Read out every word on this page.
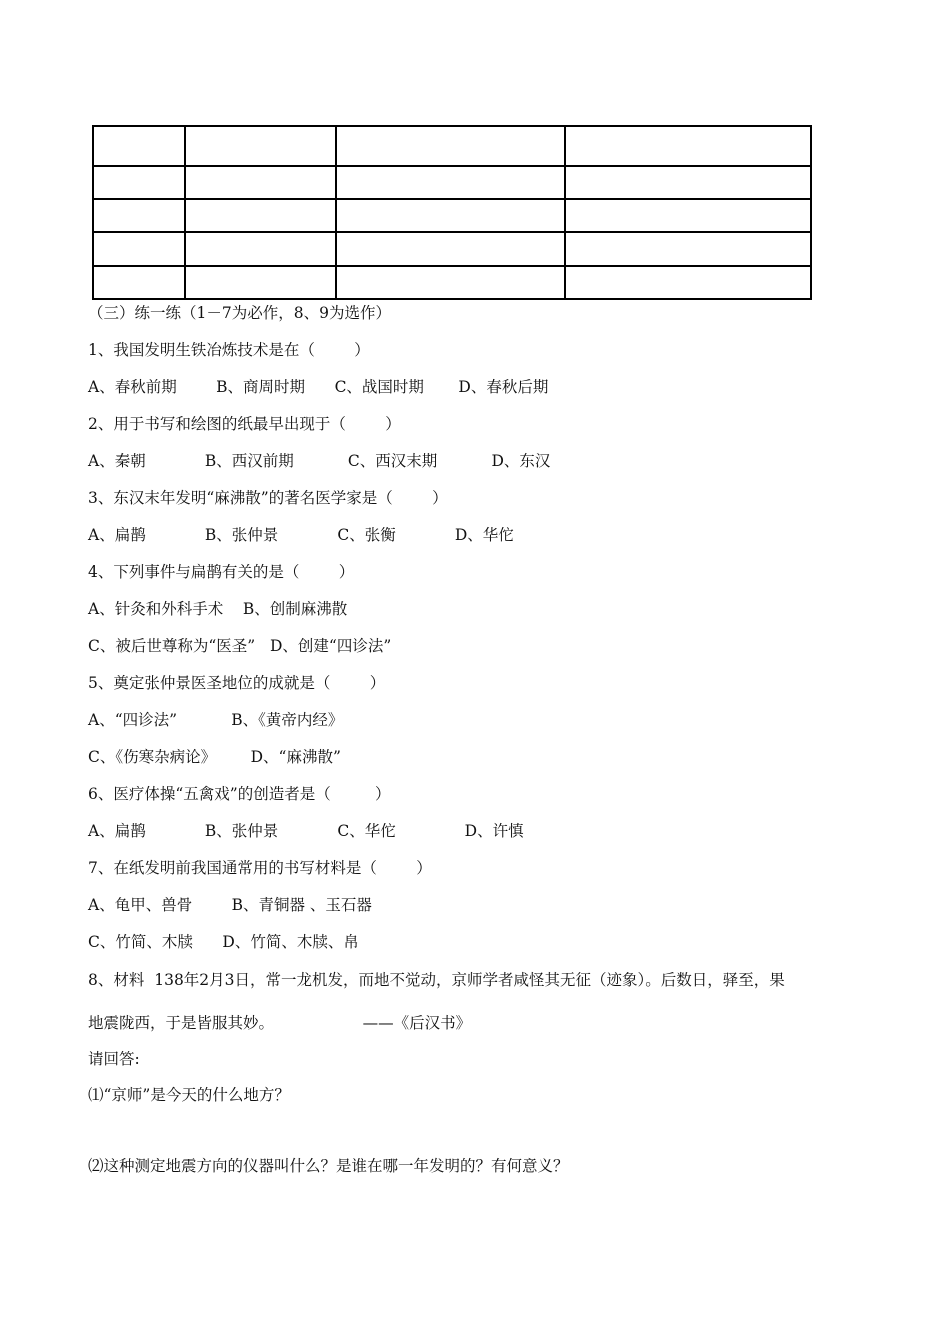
（三）练一练（1－7为必作，8、9为选作）
1、我国发明生铁冶炼技术是在（        ）
A、春秋前期        B、商周时期      C、战国时期       D、春秋后期
2、用于书写和绘图的纸最早出现于（        ）
A、秦朝            B、西汉前期           C、西汉末期           D、东汉
3、东汉末年发明“麻沸散”的著名医学家是（        ）
A、扁鹊            B、张仲景            C、张衡            D、华佗
4、下列事件与扁鹊有关的是（        ）
A、针灸和外科手术    B、创制麻沸散
C、被后世尊称为“医圣”   D、创建“四诊法”
5、奠定张仲景医圣地位的成就是（        ）
A、“四诊法”           B、《黄帝内经》
C、《伤寒杂病论》       D、“麻沸散”
6、医疗体操“五禽戏”的创造者是（         ）
A、扁鹊            B、张仲景            C、华佗              D、许慎
7、在纸发明前我国通常用的书写材料是（        ）
A、龟甲、兽骨        B、青铜器 、玉石器
C、竹简、木牍      D、竹简、木牍、帛
8、材料  138年2月3日，常一龙机发，而地不觉动，京师学者咸怪其无征（迹象）。后数日，驿至，果
地震陇西，于是皆服其妙。                  ——《后汉书》
请回答:
⑴“京师”是今天的什么地方？
⑵这种测定地震方向的仪器叫什么？是谁在哪一年发明的？有何意义？
